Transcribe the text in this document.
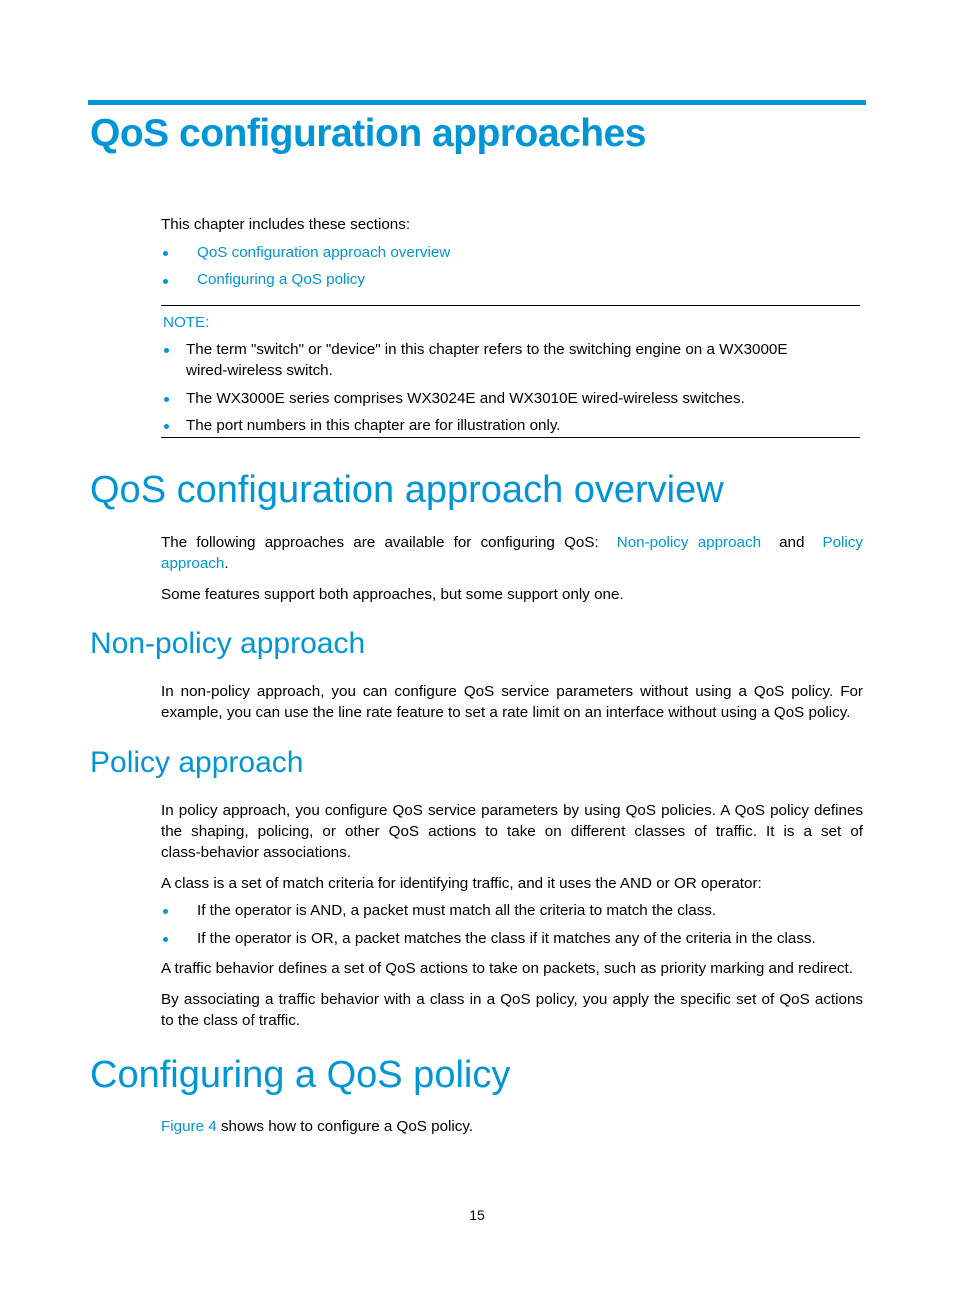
QoS configuration approaches
This chapter includes these sections:
QoS configuration approach overview
Configuring a QoS policy
NOTE:
The term "switch" or "device" in this chapter refers to the switching engine on a WX3000E
wired-wireless switch.
The WX3000E series comprises WX3024E and WX3010E wired-wireless switches.
The port numbers in this chapter are for illustration only.
QoS configuration approach overview
The following approaches are available for configuring QoS: Non-policy approach and Policy
approach.
Some features support both approaches, but some support only one.
Non-policy approach
In non-policy approach, you can configure QoS service parameters without using a QoS policy. For
example, you can use the line rate feature to set a rate limit on an interface without using a QoS policy.
Policy approach
In policy approach, you configure QoS service parameters by using QoS policies. A QoS policy defines
the shaping, policing, or other QoS actions to take on different classes of traffic. It is a set of
class-behavior associations.
A class is a set of match criteria for identifying traffic, and it uses the AND or OR operator:
If the operator is AND, a packet must match all the criteria to match the class.
If the operator is OR, a packet matches the class if it matches any of the criteria in the class.
A traffic behavior defines a set of QoS actions to take on packets, such as priority marking and redirect.
By associating a traffic behavior with a class in a QoS policy, you apply the specific set of QoS actions
to the class of traffic.
Configuring a QoS policy
Figure 4 shows how to configure a QoS policy.
15
